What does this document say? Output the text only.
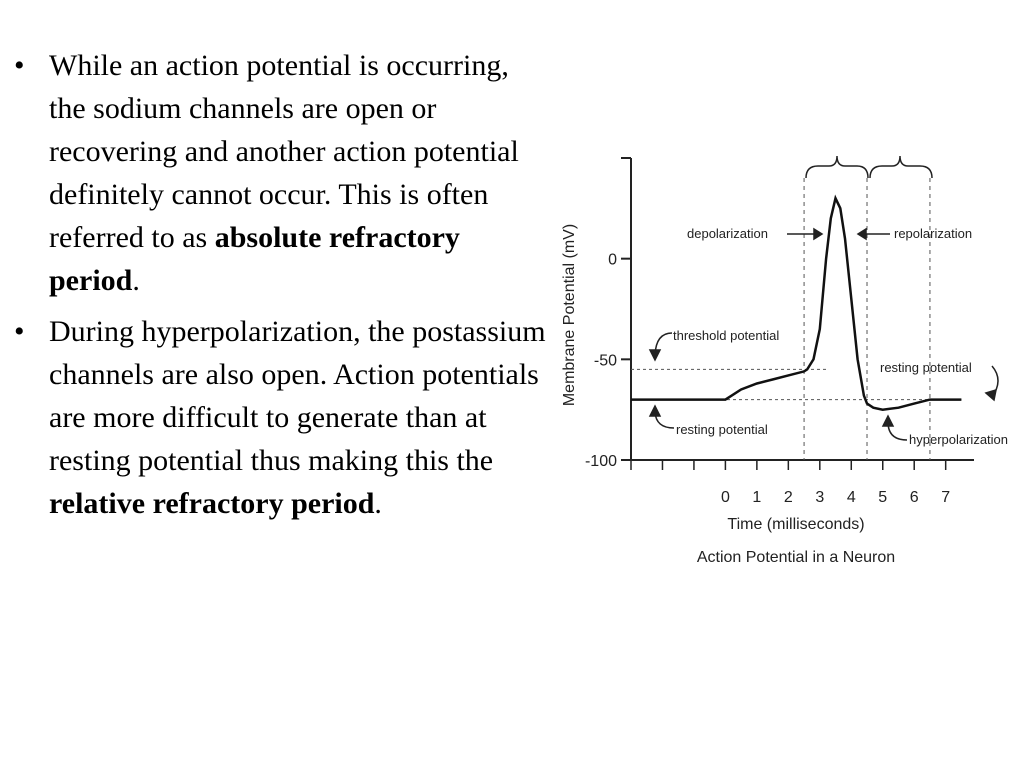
• While an action potential is occurring, the sodium channels are open or recovering and another action potential definitely cannot occur. This is often referred to as absolute refractory period.
• During hyperpolarization, the postassium channels are also open. Action potentials are more difficult to generate than at resting potential thus making this the relative refractory period.
0
-50
-100
0 1 2 3 4 5 6 7
depolarization	repolarization
threshold potential
resting potential
resting potential
hyperpolarization
Membrane Potential (mV)
Time (milliseconds)
Action Potential in a Neuron
